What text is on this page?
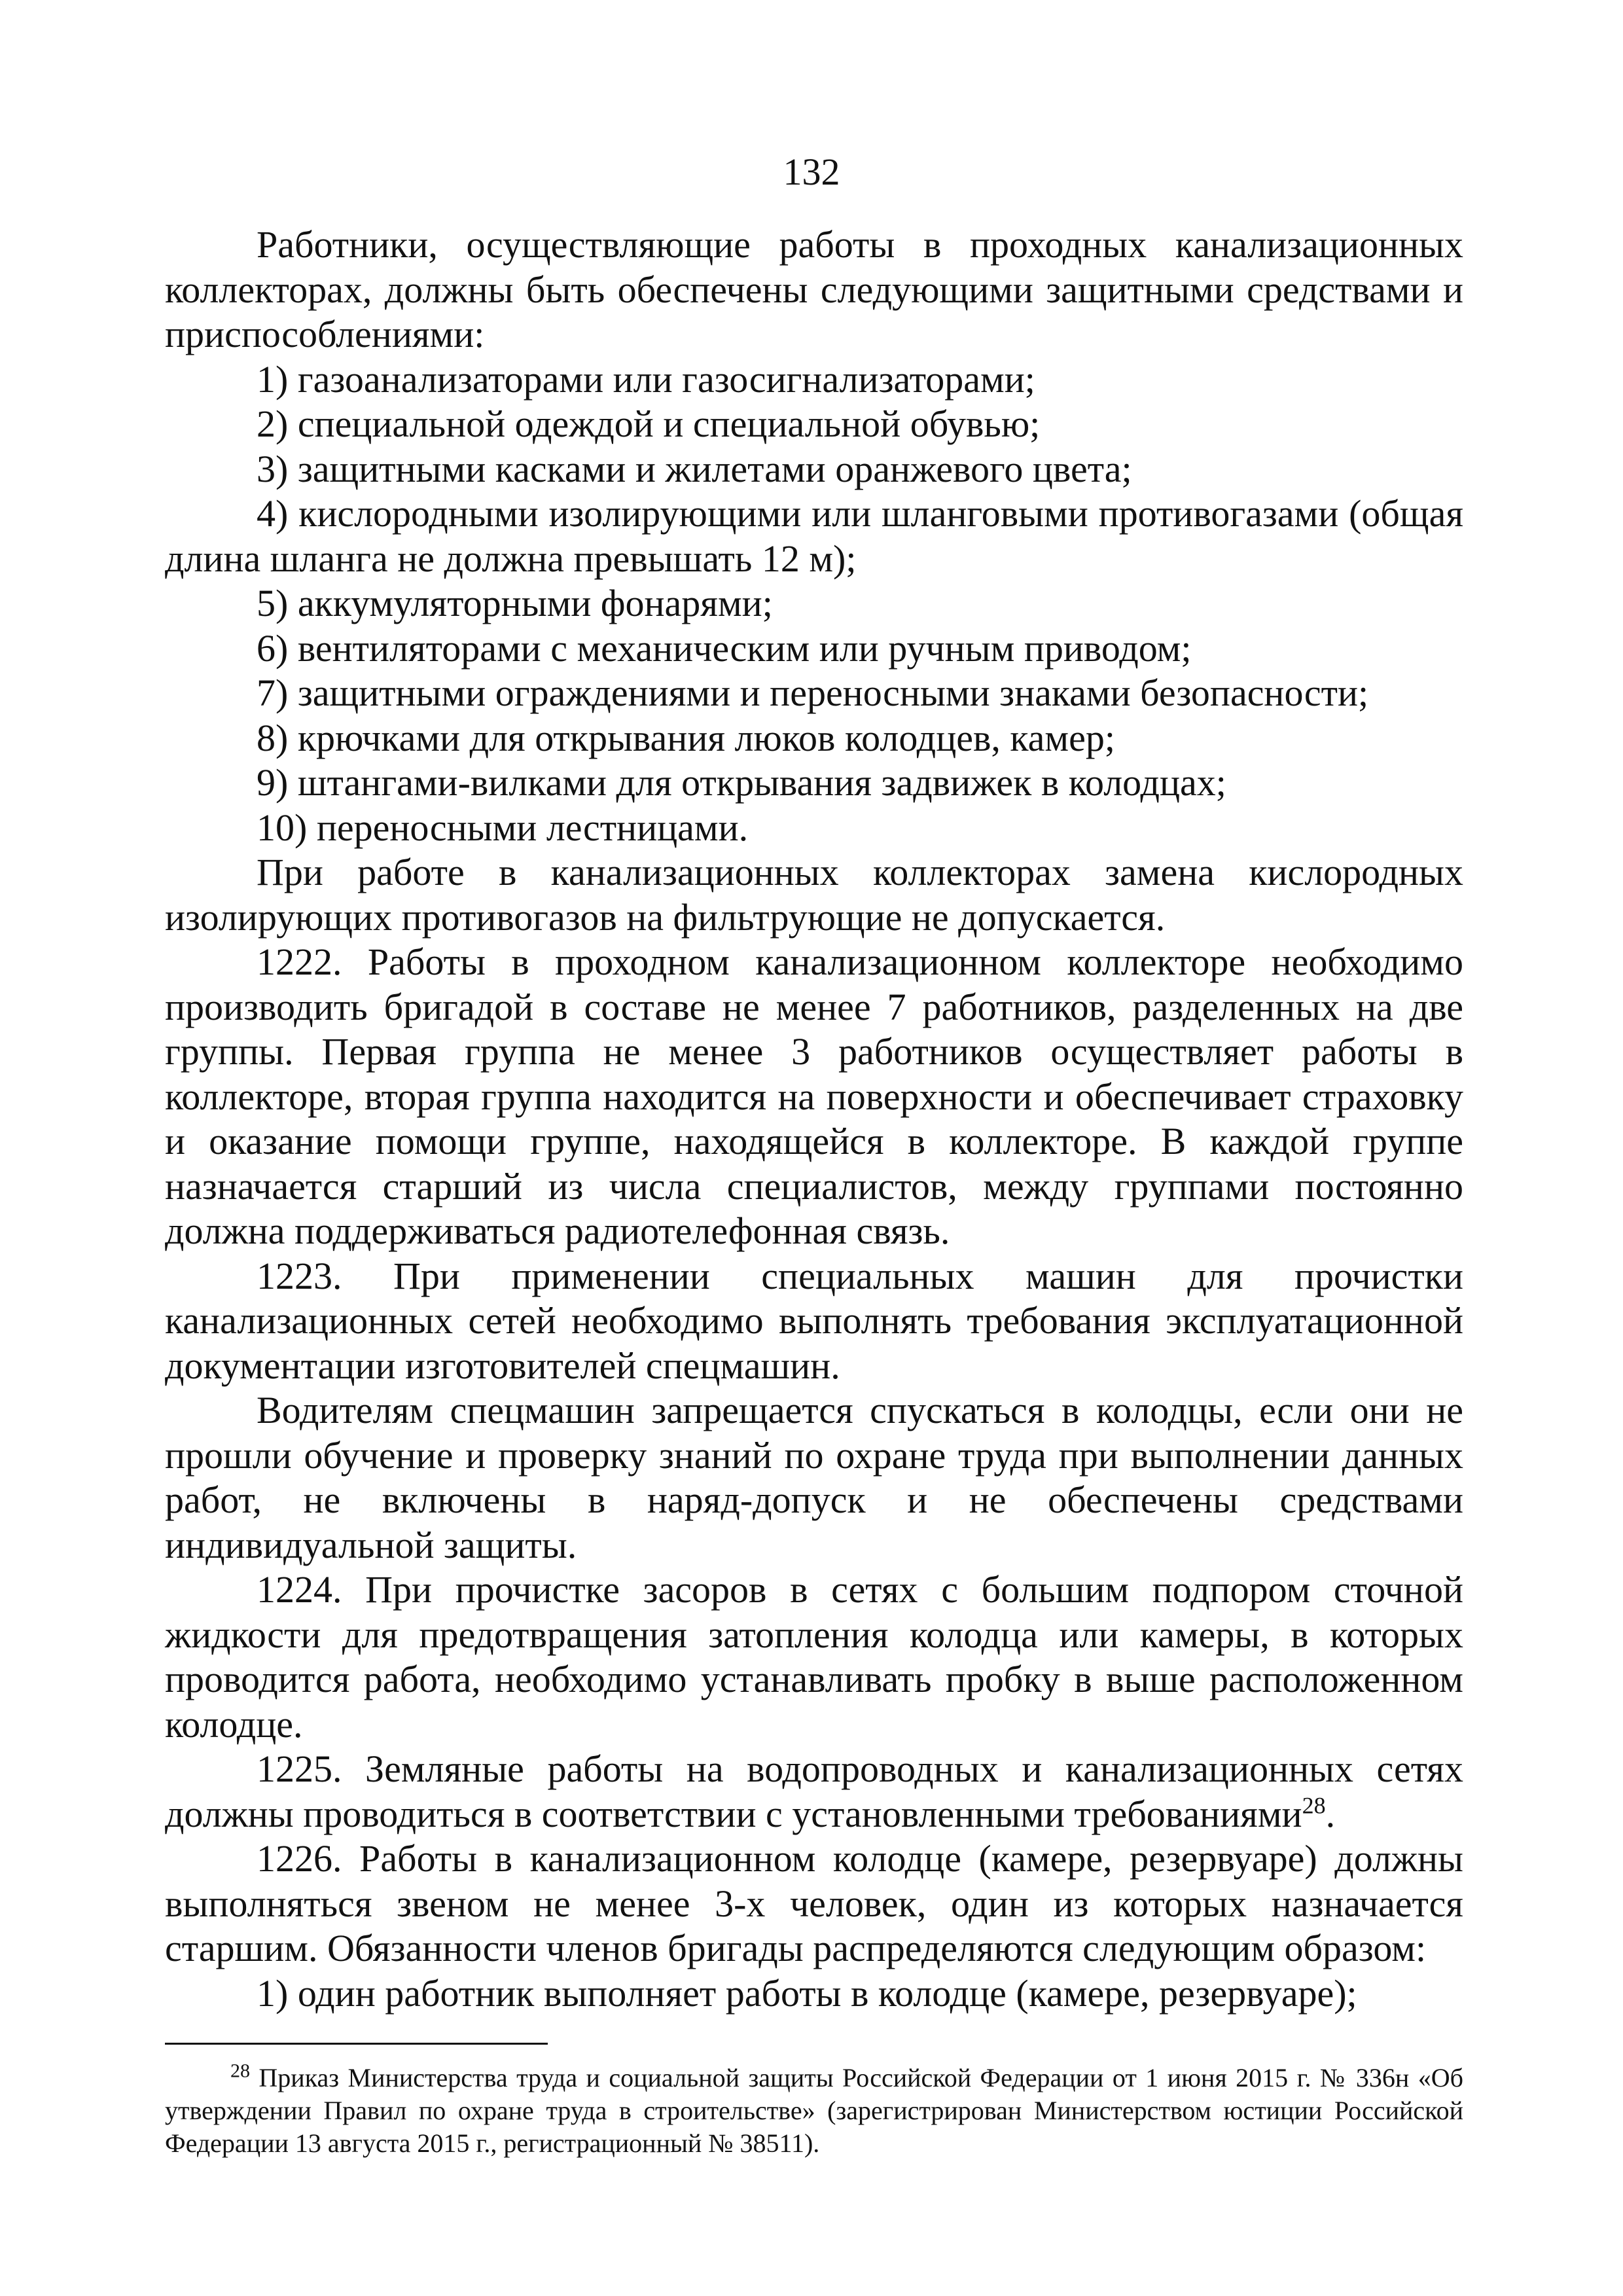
132

Работники, осуществляющие работы в проходных канализационных коллекторах, должны быть обеспечены следующими защитными средствами и приспособлениями:

1) газоанализаторами или газосигнализаторами;

2) специальной одеждой и специальной обувью;

3) защитными касками и жилетами оранжевого цвета;

4) кислородными изолирующими или шланговыми противогазами (общая длина шланга не должна превышать 12 м);

5) аккумуляторными фонарями;

6) вентиляторами с механическим или ручным приводом;

7) защитными ограждениями и переносными знаками безопасности;

8) крючками для открывания люков колодцев, камер;

9) штангами-вилками для открывания задвижек в колодцах;

10) переносными лестницами.

При работе в канализационных коллекторах замена кислородных изолирующих противогазов на фильтрующие не допускается.

1222. Работы в проходном канализационном коллекторе необходимо производить бригадой в составе не менее 7 работников, разделенных на две группы. Первая группа не менее 3 работников осуществляет работы в коллекторе, вторая группа находится на поверхности и обеспечивает страховку и оказание помощи группе, находящейся в коллекторе. В каждой группе назначается старший из числа специалистов, между группами постоянно должна поддерживаться радиотелефонная связь.

1223. При применении специальных машин для прочистки канализационных сетей необходимо выполнять требования эксплуатационной документации изготовителей спецмашин.

Водителям спецмашин запрещается спускаться в колодцы, если они не прошли обучение и проверку знаний по охране труда при выполнении данных работ, не включены в наряд-допуск и не обеспечены средствами индивидуальной защиты.

1224. При прочистке засоров в сетях с большим подпором сточной жидкости для предотвращения затопления колодца или камеры, в которых проводится работа, необходимо устанавливать пробку в выше расположенном колодце.

1225. Земляные работы на водопроводных и канализационных сетях должны проводиться в соответствии с установленными требованиями$^{28}$.

1226. Работы в канализационном колодце (камере, резервуаре) должны выполняться звеном не менее 3-х человек, один из которых назначается старшим. Обязанности членов бригады распределяются следующим образом:

1) один работник выполняет работы в колодце (камере, резервуаре);

$^{28}$ Приказ Министерства труда и социальной защиты Российской Федерации от 1 июня 2015 г. № 336н «Об утверждении Правил по охране труда в строительстве» (зарегистрирован Министерством юстиции Российской Федерации 13 августа 2015 г., регистрационный № 38511).
